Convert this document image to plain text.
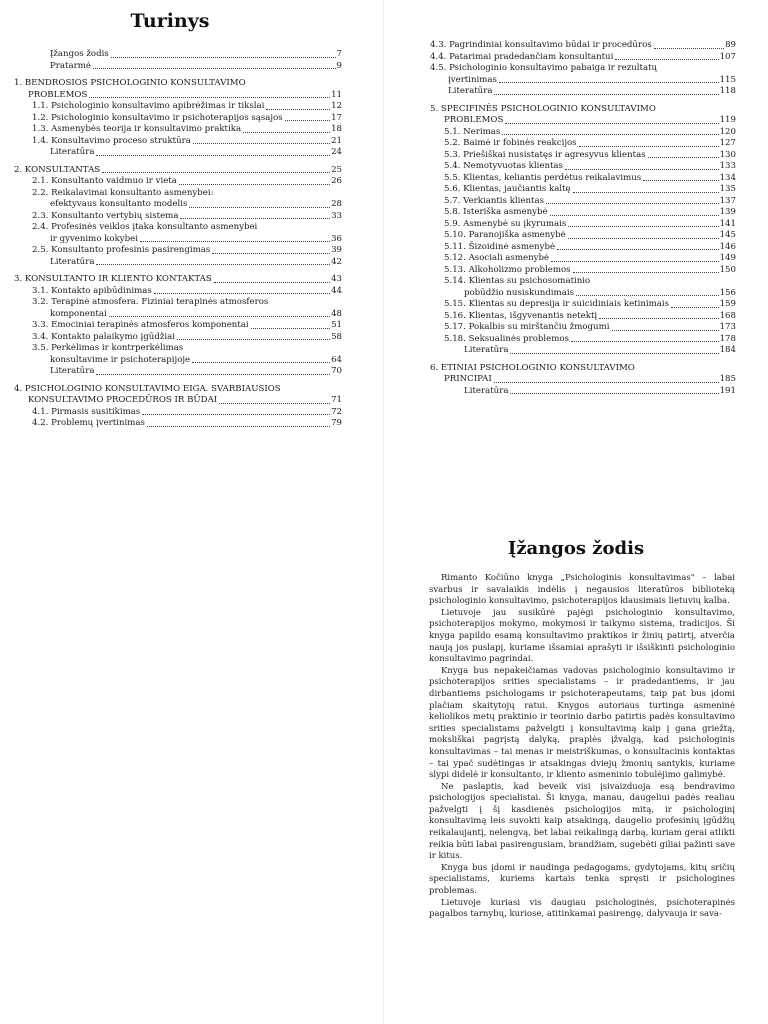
Turinys
Įžangos žodis	7
Pratarmė	9
1. BENDROSIOS PSICHOLOGINIO KONSULTAVIMO
PROBLEMOS	11
1.1. Psichologinio konsultavimo apibrėžimas ir tikslai	12
1.2. Psichologinio konsultavimo ir psichoterapijos sąsajos	17
1.3. Asmenybės teorija ir konsultavimo praktika	18
1.4. Konsultavimo proceso struktūra	21
Literatūra	24
2. KONSULTANTAS	25
2.1. Konsultanto vaidmuo ir vieta	26
2.2. Reikalavimai konsultanto asmenybei:
efektyvaus konsultanto modelis	28
2.3. Konsultanto vertybių sistema	33
2.4. Profesinės veiklos įtaka konsultanto asmenybei
ir gyvenimo kokybei	36
2.5. Konsultanto profesinis pasirengimas	39
Literatūra	42
3. KONSULTANTO IR KLIENTO KONTAKTAS	43
3.1. Kontakto apibūdinimas	44
3.2. Terapinė atmosfera. Fiziniai terapinės atmosferos
komponentai	48
3.3. Emociniai terapinės atmosferos komponentai	51
3.4. Kontakto palaikymo įgūdžiai	58
3.5. Perkėlimas ir kontrperkėlimas
konsultavime ir psichoterapijoje	64
Literatūra	70
4. PSICHOLOGINIO KONSULTAVIMO EIGA. SVARBIAUSIOS
KONSULTAVIMO PROCEDŪROS IR BŪDAI	71
4.1. Pirmasis susitikimas	72
4.2. Problemų įvertinimas	79
4.3. Pagrindiniai konsultavimo būdai ir procedūros	89
4.4. Patarimai pradedančiam konsultantui	107
4.5. Psichologinio konsultavimo pabaiga ir rezultatų
įvertinimas	115
Literatūra	118
5. SPECIFINĖS PSICHOLOGINIO KONSULTAVIMO
PROBLEMOS	119
5.1. Nerimas	120
5.2. Baimė ir fobinės reakcijos	127
5.3. Priešiškai nusistatęs ir agresyvus klientas	130
5.4. Nemotyvuotas klientas	133
5.5. Klientas, keliantis perdėtus reikalavimus	134
5.6. Klientas, jaučiantis kaltę	135
5.7. Verkiantis klientas	137
5.8. Isteriška asmenybė	139
5.9. Asmenybė su įkyrumais	141
5.10. Paranojiška asmenybė	145
5.11. Šizoidinė asmenybė	146
5.12. Asociali asmenybė	149
5.13. Alkoholizmo problemos	150
5.14. Klientas su psichosomatinio
pobūdžio nusiskundimais	156
5.15. Klientas su depresija ir suicidiniais ketinimais	159
5.16. Klientas, išgyvenantis netektį	168
5.17. Pokalbis su mirštančiu žmogumi	173
5.18. Seksualinės problemos	178
Literatūra	184
6. ETINIAI PSICHOLOGINIO KONSULTAVIMO
PRINCIPAI	185
Literatūra	191
Įžangos žodis

Rimanto Kočiūno knyga „Psichologinis konsultavimas" – labai svarbus ir savalaikis indėlis į negausios literatūros biblioteką psichologinio konsultavimo, psichoterapijos klausimais lietuvių kalba.

Lietuvoje jau susikūrė pajėgi psichologinio konsultavimo, psichoterapijos mokymo, mokymosi ir taikymo sistema, tradicijos. Ši knyga papildo esamą konsultavimo praktikos ir žinių patirtį, atverčia naują jos puslapį, kuriame išsamiai aprašyti ir išsiškinti psichologinio konsultavimo pagrindai.

Knyga bus nepakeičiamas vadovas psichologinio konsultavimo ir psichoterapijos srities specialistams – ir pradedantiems, ir jau dirbantiems psichologams ir psichoterapeutams, taip pat bus įdomi plačiam skaitytojų ratui. Knygos autoriaus turtinga asmeninė keliolikos metų praktinio ir teorinio darbo patirtis padės konsultavimo srities specialistams pažvelgti į konsultavimą kaip į gana griežtą, moksliškai pagrįstą dalyką, praplės įžvalgą, kad psichologinis konsultavimas – tai menas ir meistriškumas, o konsultacinis kontaktas – tai ypač sudėtingas ir atsakingas dviejų žmonių santykis, kuriame slypi didelė ir konsultanto, ir kliento asmeninio tobulėjimo galimybė.

Ne paslaptis, kad beveik visi įsivaizduoja esą bendravimo psichologijos specialistai. Ši knyga, manau, daugeliui padės realiau pažvelgti į šį kasdienės psichologijos mitą, ir psichologinį konsultavimą leis suvokti kaip atsakingą, daugelio profesinių įgūdžių reikalaujantį, nelengvą, bet labai reikalingą darbą, kuriam gerai atlikti reikia būti labai pasirengusiam, brandžiam, sugebėti giliai pažinti save ir kitus.

Knyga bus įdomi ir naudinga pedagogams, gydytojams, kitų sričių specialistams, kuriems kartais tenka spręsti ir psichologines problemas.

Lietuvoje kuriasi vis daugiau psichologinės, psichoterapinės pagalbos tarnybų, kuriose, atitinkamai pasirengę, dalyvauja ir sava-
